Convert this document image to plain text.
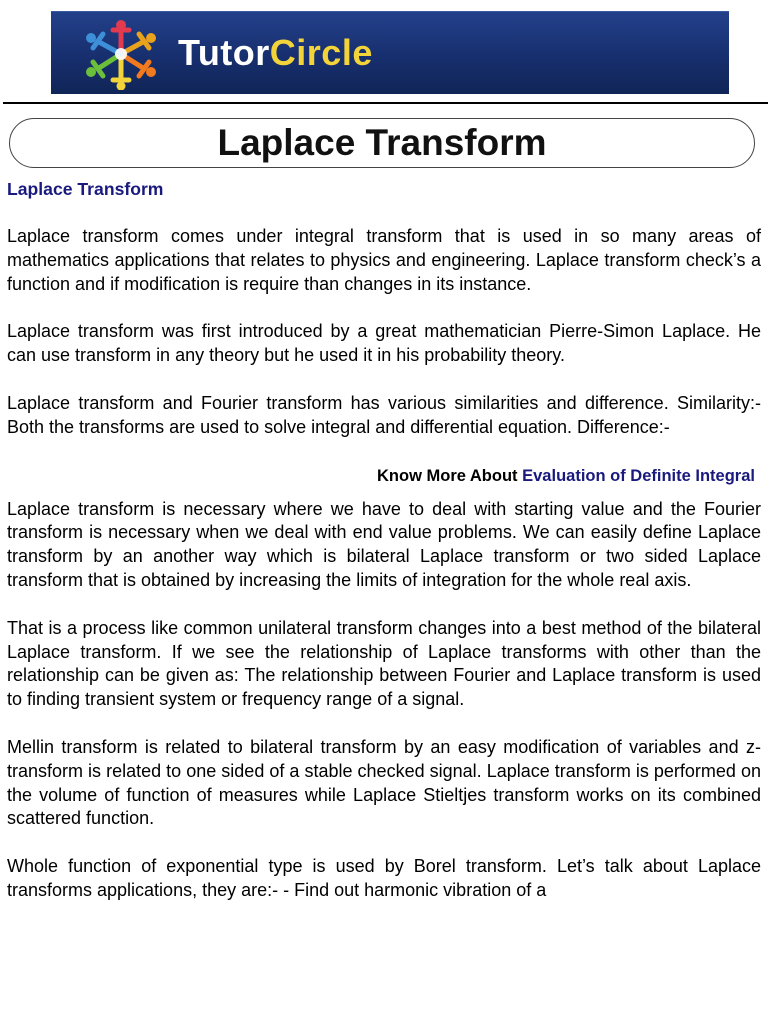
TutorCircle
Laplace Transform
Laplace Transform

Laplace transform comes under integral transform that is used in so many areas of mathematics applications that relates to physics and engineering. Laplace transform check’s a function and if modification is require than changes in its instance.

Laplace transform was first introduced by a great mathematician Pierre-Simon Laplace. He can use transform in any theory but he used it in his probability theory.

Laplace transform and Fourier transform has various similarities and difference. Similarity:- Both the transforms are used to solve integral and differential equation. Difference:-

Know More About Evaluation of Definite Integral

Laplace transform is necessary where we have to deal with starting value and the Fourier transform is necessary when we deal with end value problems. We can easily define Laplace transform by an another way which is bilateral Laplace transform or two sided Laplace transform that is obtained by increasing the limits of integration for the whole real axis.

That is a process like common unilateral transform changes into a best method of the bilateral Laplace transform. If we see the relationship of Laplace transforms with other than the relationship can be given as: The relationship between Fourier and Laplace transform is used to finding transient system or frequency range of a signal.

Mellin transform is related to bilateral transform by an easy modification of variables and z-transform is related to one sided of a stable checked signal. Laplace transform is performed on the volume of function of measures while Laplace Stieltjes transform works on its combined scattered function.

Whole function of exponential type is used by Borel transform. Let’s talk about Laplace transforms applications, they are:- - Find out harmonic vibration of a
